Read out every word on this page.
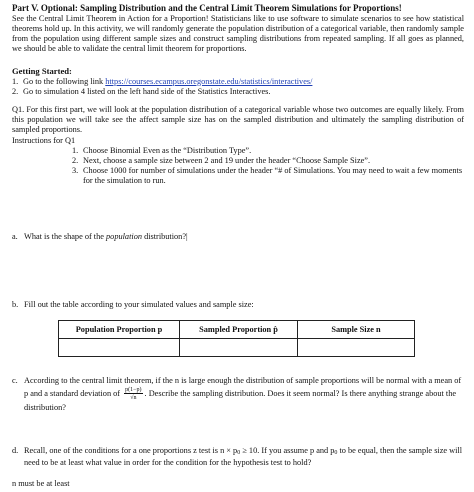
Part V. Optional: Sampling Distribution and the Central Limit Theorem Simulations for Proportions!
See the Central Limit Theorem in Action for a Proportion! Statisticians like to use software to simulate scenarios to see how statistical theorems hold up. In this activity, we will randomly generate the population distribution of a categorical variable, then randomly sample from the population using different sample sizes and construct sampling distributions from repeated sampling. If all goes as planned, we should be able to validate the central limit theorem for proportions.
Getting Started:
1. Go to the following link https://courses.ecampus.oregonstate.edu/statistics/interactives/
2. Go to simulation 4 listed on the left hand side of the Statistics Interactives.
Q1. For this first part, we will look at the population distribution of a categorical variable whose two outcomes are equally likely. From this population we will take see the affect sample size has on the sampled distribution and ultimately the sampling distribution of sampled proportions.
Instructions for Q1
1. Choose Binomial Even as the “Distribution Type”.
2. Next, choose a sample size between 2 and 19 under the header “Choose Sample Size”.
3. Choose 1000 for number of simulations under the header “# of Simulations. You may need to wait a few moments for the simulation to run.
a. What is the shape of the population distribution?|
b. Fill out the table according to your simulated values and sample size:
Population Proportion p	Sampled Proportion p̂	Sample Size n
c. According to the central limit theorem, if the n is large enough the distribution of sample proportions will be normal with a mean of p and a standard deviation of $\frac{p(1-p)}{√n}$ . Describe the sampling distribution. Does it seem normal? Is there anything strange about the distribution?
d. Recall, one of the conditions for a one proportions z test is n × p0 ≥ 10. If you assume p and p0 to be equal, then the sample size will need to be at least what value in order for the condition for the hypothesis test to hold?
n must be at least
